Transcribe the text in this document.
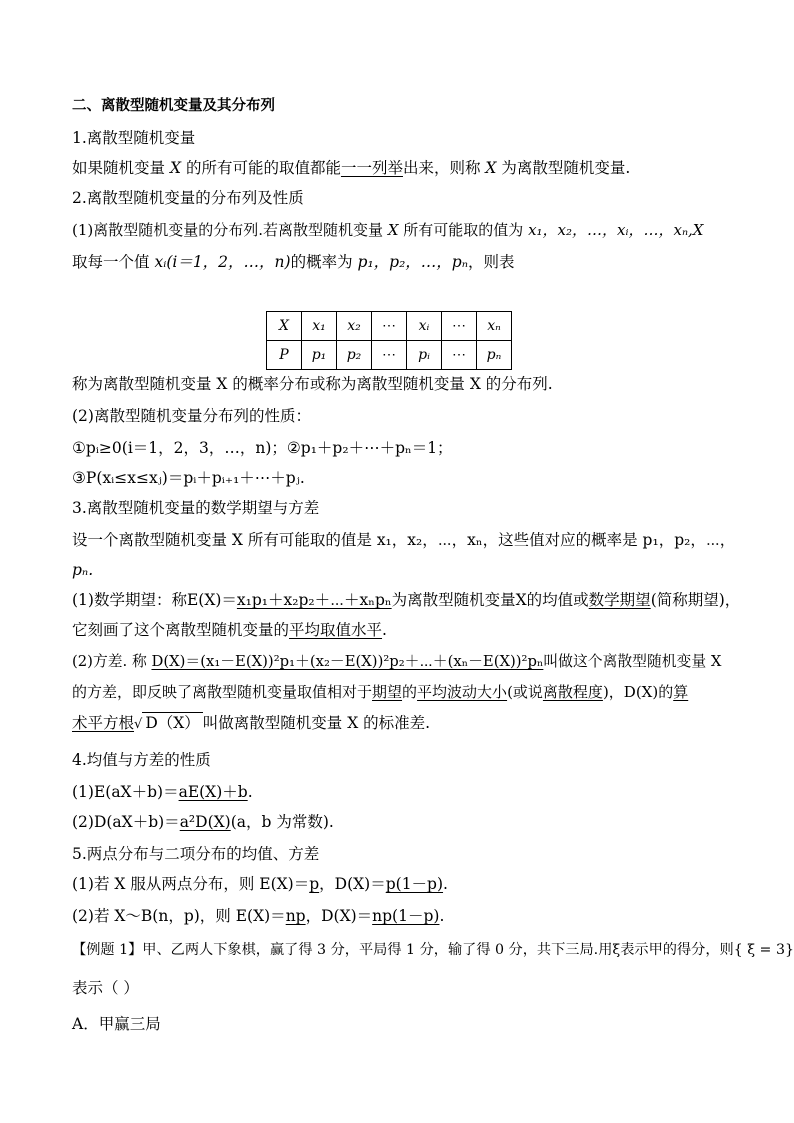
二、离散型随机变量及其分布列
1.离散型随机变量
如果随机变量 X 的所有可能的取值都能一一列举出来，则称 X 为离散型随机变量.
2.离散型随机变量的分布列及性质
(1)离散型随机变量的分布列.若离散型随机变量 X 所有可能取的值为 x₁，x₂，…，xᵢ，…，xₙ,X
取每一个值 xᵢ(i＝1，2，…，n)的概率为 p₁，p₂，…，pₙ，则表
X	x₁	x₂	⋯	xᵢ	⋯	xₙ
P	p₁	p₂	⋯	pᵢ	⋯	pₙ
称为离散型随机变量 X 的概率分布或称为离散型随机变量 X 的分布列.
(2)离散型随机变量分布列的性质：
①pᵢ≥0(i＝1，2，3，…，n)；②p₁＋p₂＋⋯＋pₙ＝1；
③P(xᵢ≤x≤xⱼ)＝pᵢ＋pᵢ₊₁＋⋯＋pⱼ.
3.离散型随机变量的数学期望与方差
设一个离散型随机变量 X 所有可能取的值是 x₁，x₂，⋯，xₙ，这些值对应的概率是 p₁，p₂，⋯，
pₙ.
(1)数学期望：称E(X)＝x₁p₁＋x₂p₂＋⋯＋xₙpₙ为离散型随机变量X的均值或数学期望(简称期望)，
它刻画了这个离散型随机变量的平均取值水平.
(2)方差. 称 D(X)＝(x₁－E(X))²p₁＋(x₂－E(X))²p₂＋⋯＋(xₙ－E(X))²pₙ叫做这个离散型随机变量 X
的方差，即反映了离散型随机变量取值相对于期望的平均波动大小(或说离散程度)，D(X)的算
术平方根√ D（X） 叫做离散型随机变量 X 的标准差.
4.均值与方差的性质
(1)E(aX＋b)＝aE(X)＋b.
(2)D(aX＋b)＝a²D(X)(a，b 为常数).
5.两点分布与二项分布的均值、方差
(1)若 X 服从两点分布，则 E(X)＝p，D(X)＝p(1－p).
(2)若 X～B(n，p)，则 E(X)＝np，D(X)＝np(1－p).
【例题 1】甲、乙两人下象棋，赢了得 3 分，平局得 1 分，输了得 0 分，共下三局.用ξ表示甲的得分，则{ ξ = 3}
表示（ ）
A．甲赢三局
